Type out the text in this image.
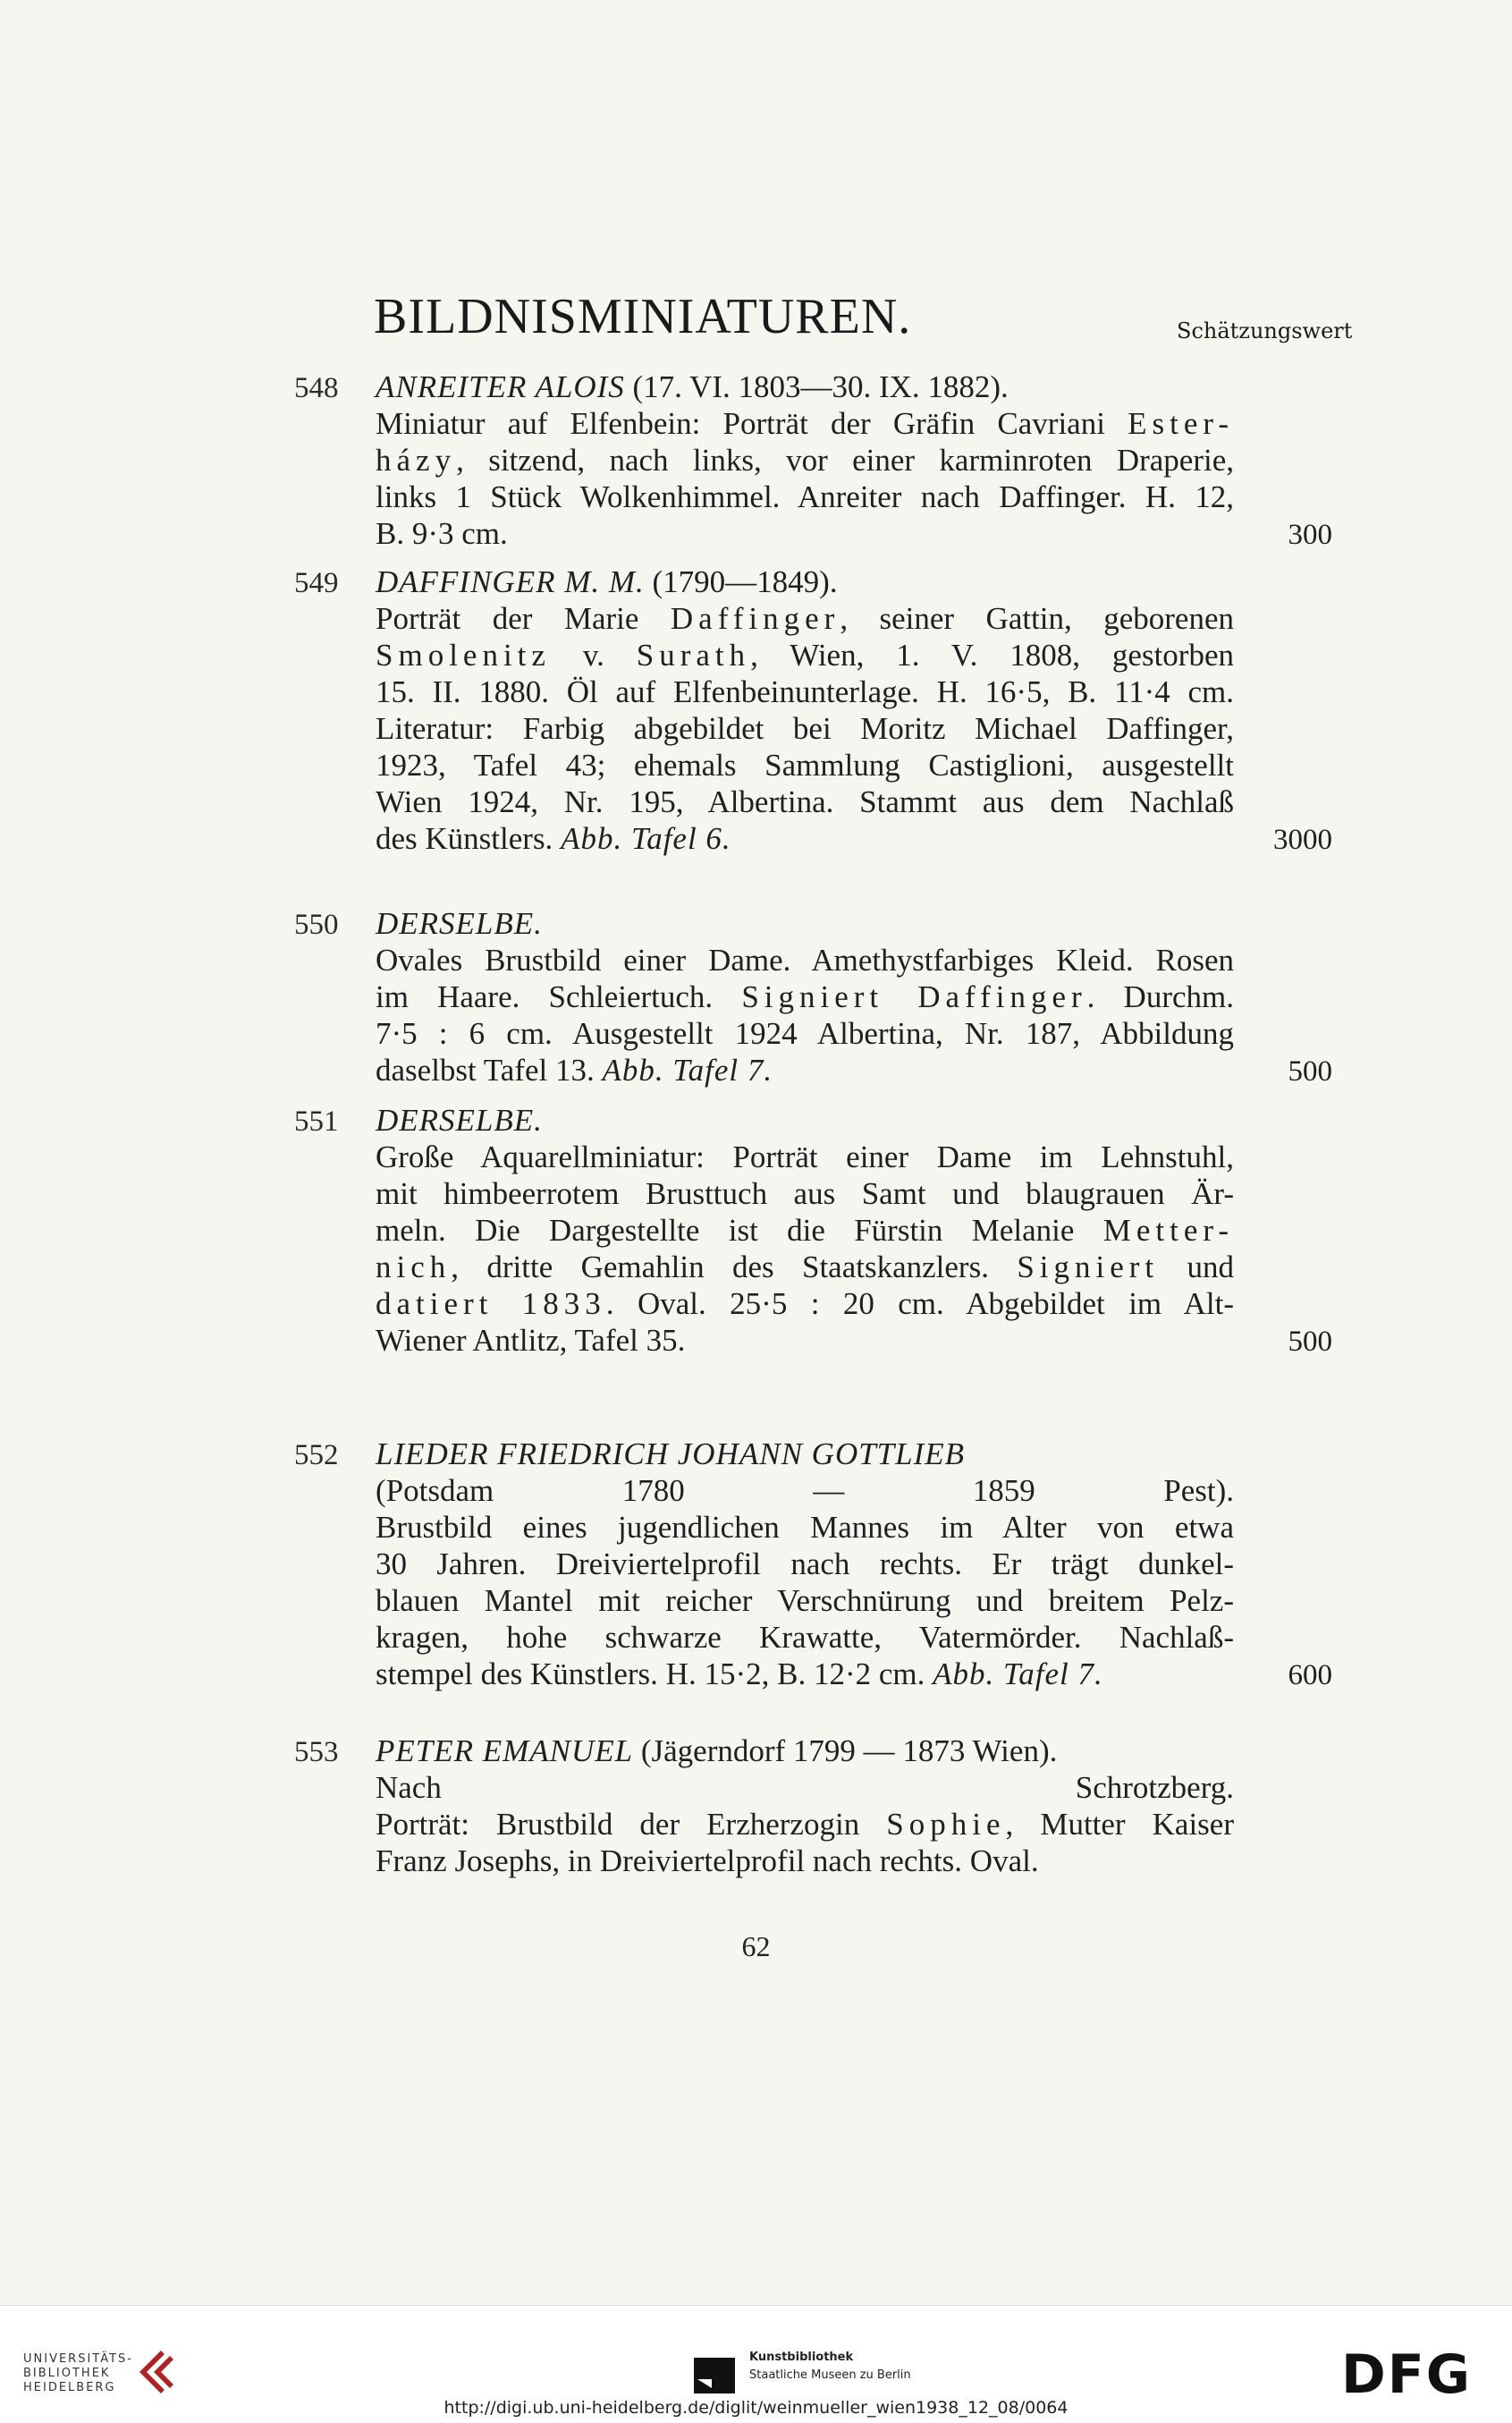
BILDNISMINIATUREN.	Schätzungswert
548 ANREITER ALOIS (17. VI. 1803—30. IX. 1882).
Miniatur auf Elfenbein: Porträt der Gräfin Cavriani Ester-
házy, sitzend, nach links, vor einer karminroten Draperie,
links 1 Stück Wolkenhimmel. Anreiter nach Daffinger. H. 12,
B. 9·3 cm.	300
549 DAFFINGER M. M. (1790—1849).
Porträt der Marie Daffinger, seiner Gattin, geborenen
Smolenitz v. Surath, Wien, 1. V. 1808, gestorben
15. II. 1880. Öl auf Elfenbeinunterlage. H. 16·5, B. 11·4 cm.
Literatur: Farbig abgebildet bei Moritz Michael Daffinger,
1923, Tafel 43; ehemals Sammlung Castiglioni, ausgestellt
Wien 1924, Nr. 195, Albertina. Stammt aus dem Nachlaß
des Künstlers. Abb. Tafel 6.	3000
550 DERSELBE.
Ovales Brustbild einer Dame. Amethystfarbiges Kleid. Rosen
im Haare. Schleiertuch. Signiert Daffinger. Durchm.
7·5 : 6 cm. Ausgestellt 1924 Albertina, Nr. 187, Abbildung
daselbst Tafel 13. Abb. Tafel 7.	500
551 DERSELBE.
Große Aquarellminiatur: Porträt einer Dame im Lehnstuhl,
mit himbeerrotem Brusttuch aus Samt und blaugrauen Är-
meln. Die Dargestellte ist die Fürstin Melanie Metter-
nich, dritte Gemahlin des Staatskanzlers. Signiert und
datiert 1833. Oval. 25·5 : 20 cm. Abgebildet im Alt-
Wiener Antlitz, Tafel 35.	500
552 LIEDER FRIEDRICH JOHANN GOTTLIEB
(Potsdam 1780 — 1859 Pest).
Brustbild eines jugendlichen Mannes im Alter von etwa
30 Jahren. Dreiviertelprofil nach rechts. Er trägt dunkel-
blauen Mantel mit reicher Verschnürung und breitem Pelz-
kragen, hohe schwarze Krawatte, Vatermörder. Nachlaß-
stempel des Künstlers. H. 15·2, B. 12·2 cm. Abb. Tafel 7.	600
553 PETER EMANUEL (Jägerndorf 1799 — 1873 Wien).
Nach Schrotzberg.
Porträt: Brustbild der Erzherzogin Sophie, Mutter Kaiser
Franz Josephs, in Dreiviertelprofil nach rechts. Oval.
62
UNIVERSITÄTS-
BIBLIOTHEK
HEIDELBERG
Kunstbibliothek
Staatliche Museen zu Berlin	DFG
http://digi.ub.uni-heidelberg.de/diglit/weinmueller_wien1938_12_08/0064
